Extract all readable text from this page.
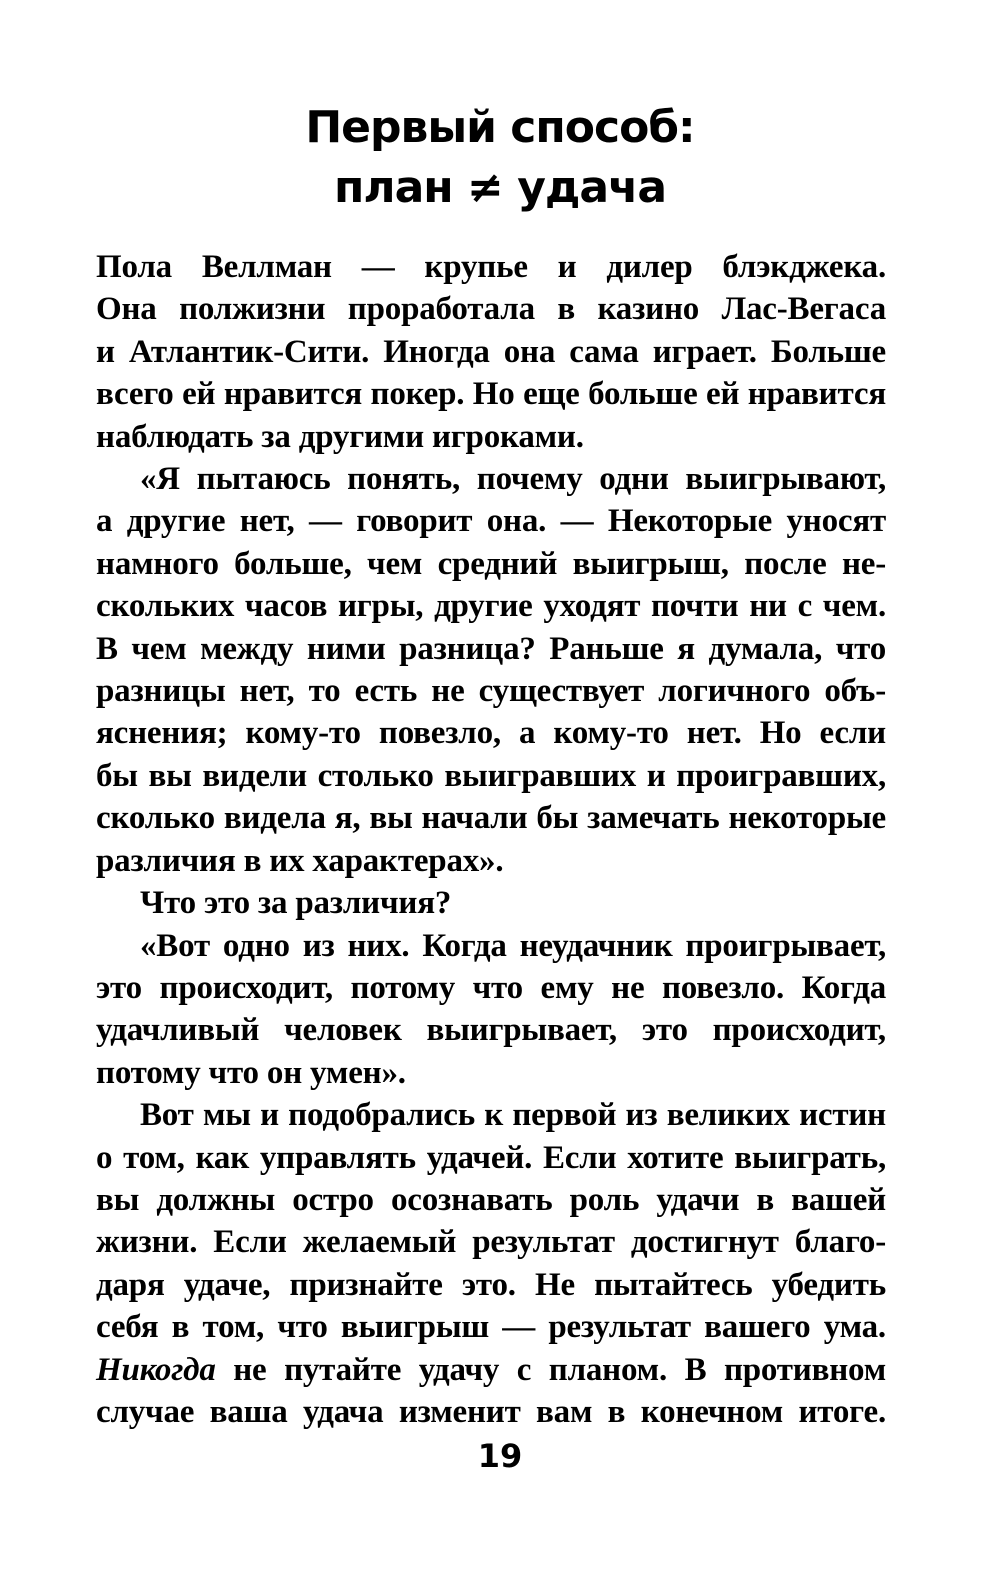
Первый способ:
план ≠ удача

Пола Веллман — крупье и дилер блэкджека.
Она полжизни проработала в казино Лас-Вегаса
и Атлантик-Сити. Иногда она сама играет. Больше
всего ей нравится покер. Но еще больше ей нравится
наблюдать за другими игроками.

«Я пытаюсь понять, почему одни выигрывают,
а другие нет, — говорит она. — Некоторые уносят
намного больше, чем средний выигрыш, после не-
скольких часов игры, другие уходят почти ни с чем.
В чем между ними разница? Раньше я думала, что
разницы нет, то есть не существует логичного объ-
яснения; кому-то повезло, а кому-то нет. Но если
бы вы видели столько выигравших и проигравших,
сколько видела я, вы начали бы замечать некоторые
различия в их характерах».

Что это за различия?

«Вот одно из них. Когда неудачник проигрывает,
это происходит, потому что ему не повезло. Когда
удачливый человек выигрывает, это происходит,
потому что он умен».

Вот мы и подобрались к первой из великих истин
о том, как управлять удачей. Если хотите выиграть,
вы должны остро осознавать роль удачи в вашей
жизни. Если желаемый результат достигнут благо-
даря удаче, признайте это. Не пытайтесь убедить
себя в том, что выигрыш — результат вашего ума.
Никогда не путайте удачу с планом. В противном
случае ваша удача изменит вам в конечном итоге.

19
